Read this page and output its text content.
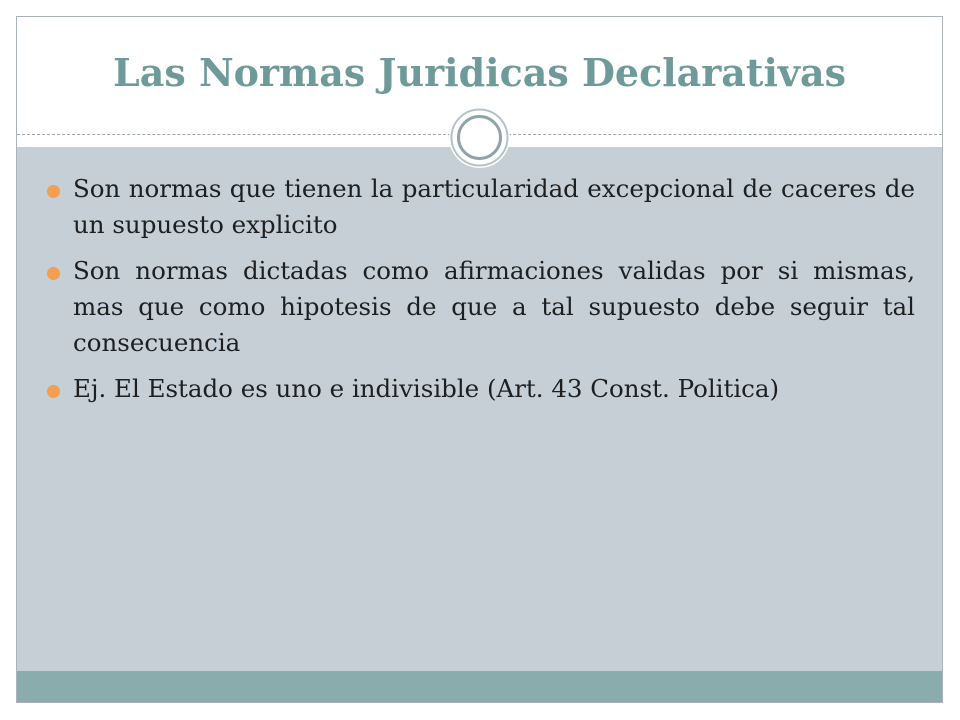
Las Normas Juridicas Declarativas
Son normas que tienen la particularidad excepcional de caceres de un supuesto explicito
Son normas dictadas como afirmaciones validas por si mismas, mas que como hipotesis de que a tal supuesto debe seguir tal consecuencia
Ej. El Estado es uno e indivisible (Art. 43 Const. Politica)
